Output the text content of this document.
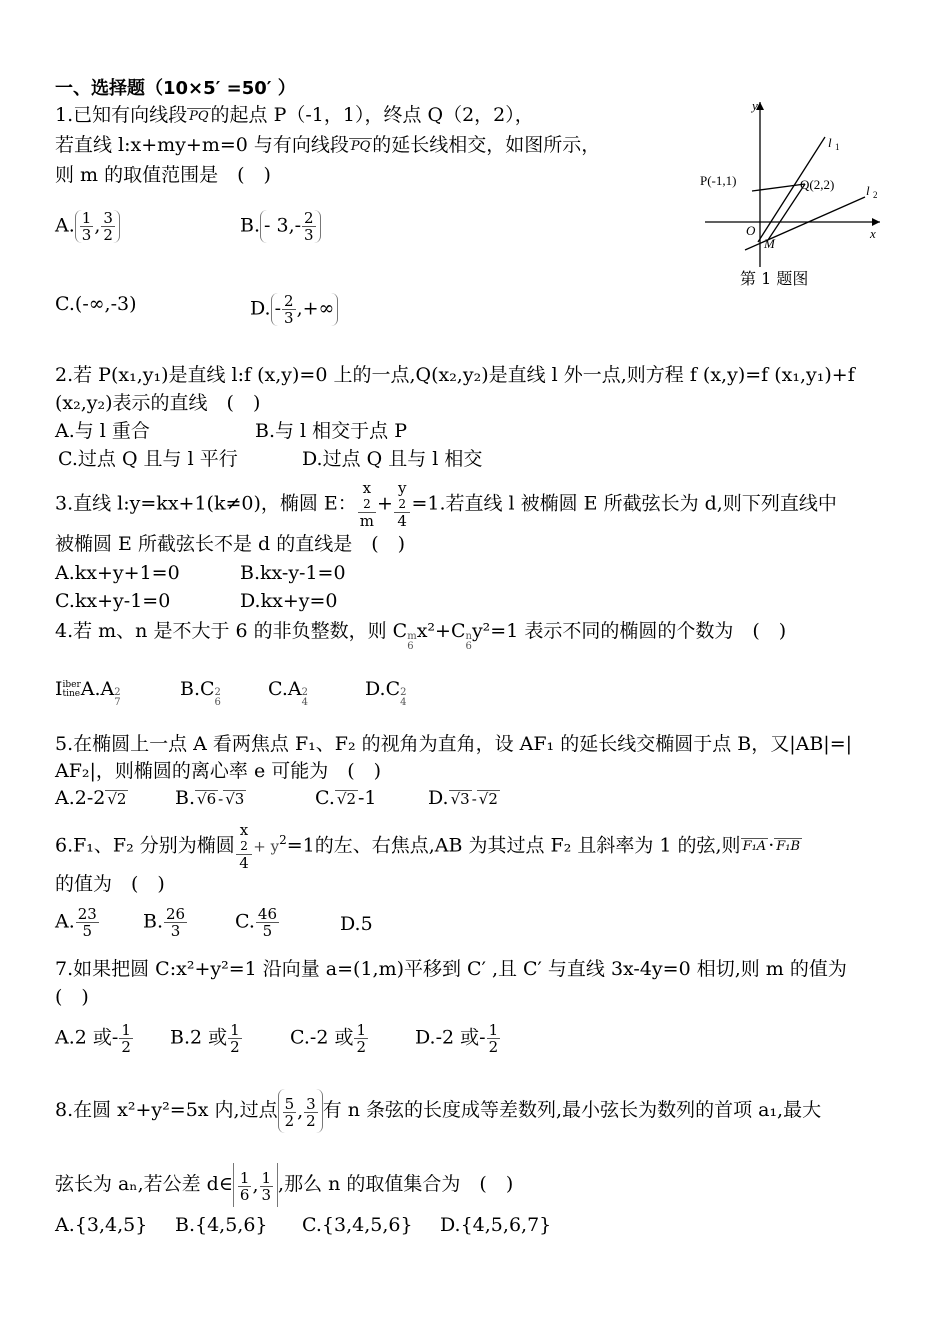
一、选择题（10×5′ =50′ ）
1.已知有向线段 PQ 的起点 P（-1，1），终点 Q（2，2），
若直线 l:x+my+m=0 与有向线段 PQ 的延长线相交，如图所示，
则 m 的取值范围是　(　)
A. $\frac{1}{3}$ , $\frac{3}{2}$	B. - $3,- \frac{2}{3}$
C.(-∞,-3)	D. - $\frac{2}{3}$ ,+∞
y
x
l 1
l 2
P(-1,1)	Q(2,2)
O
M
第 1 题图
2.若 P(x₁,y₁)是直线 l:f (x,y)=0 上的一点,Q(x₂,y₂)是直线 l 外一点,则方程 f (x,y)=f (x₁,y₁)+f
(x₂,y₂)表示的直线　(　)
A.与 l 重合	B.与 l 相交于点 P
C.过点 Q 且与 l 平行	D.过点 Q 且与 l 相交
3.直线 l:y=kx+1(k≠0)，椭圆 E： x
2
m + y
2
4 =1.若直线 l 被椭圆 E 所截弦长为 d,则下列直线中
被椭圆 E 所截弦长不是 d 的直线是　(　)
A.kx+y+1=0	B.kx-y-1=0
C.kx+y-1=0	D.kx+y=0
4.若 m、n 是不大于 6 的非负整数，则 Cm
6x²+Cn
6y²=1 表示不同的椭圆的个数为　(　)
Iiber
tineA.A2
7
B.C2
6
C.A2
4
D.C2
4
5.在椭圆上一点 A 看两焦点 F₁、F₂ 的视角为直角，设 AF₁ 的延长线交椭圆于点 B，又|AB|=|
AF₂|，则椭圆的离心率 e 可能为　(　)
A.2-2 √ 2	B. √ 6 - √ 3	C. √ 2 -1	D. √ 3 - √ 2
6.F₁、F₂ 分别为椭圆 x
2
$4 + y^2=1$的左、右焦点,AB 为其过点 F₂ 且斜率为 1 的弦,则 F₁A · F₁B
的值为　(　)
A. $\frac{23}{5} B$. $\frac{26}{3}$	C. $\frac{46}{5}$	D.5
7.如果把圆 C:x²+y²=1 沿向量 a=(1,m)平移到 C′ ,且 C′ 与直线 3x-4y=0 相切,则 m 的值为
(　)
A.2 或- $\frac{1}{2} B.2$ 或 $\frac{1}{2}$	C.-2 或 $\frac{1}{2} D.-2$ 或- $\frac{1}{2}$
8.在圆 x²+y²=5x 内,过点 $\frac{5}{2}$ , $\frac{3}{2}$ 有 n 条弦的长度成等差数列,最小弦长为数列的首项 a₁,最大
弦长为 aₙ,若公差 d∈ $\frac{1}{6}$ , $\frac{1}{3}$ ,那么 n 的取值集合为　(　)
A.{3,4,5} B.{4,5,6} C.{3,4,5,6} D.{4,5,6,7}
